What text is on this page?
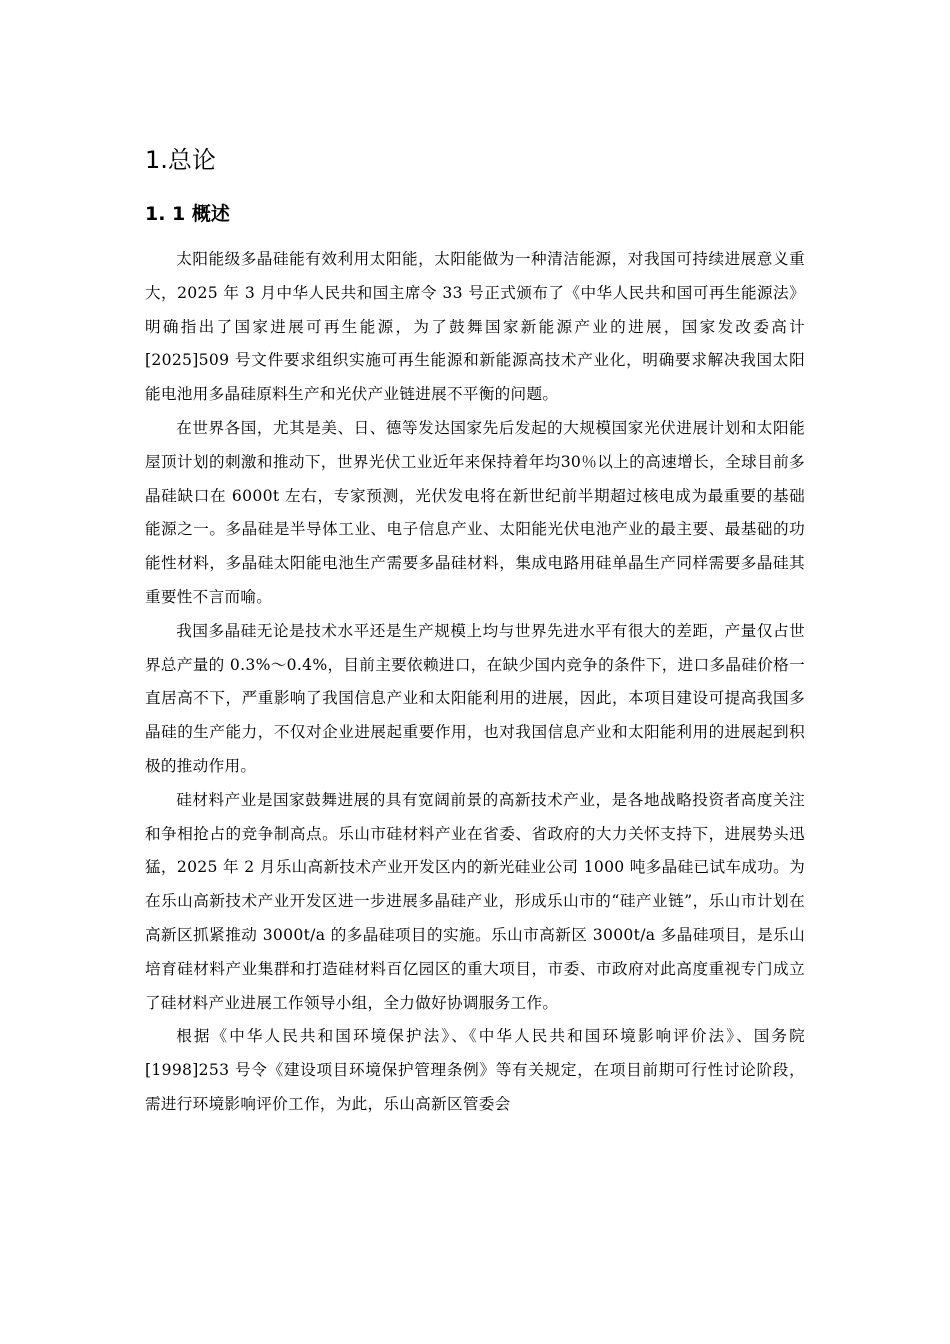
1.总论
1. 1 概述

太阳能级多晶硅能有效利用太阳能，太阳能做为一种清洁能源，对我国可持续进展意义重大，2025 年 3 月中华人民共和国主席令 33 号正式颁布了《中华人民共和国可再生能源法》明确指出了国家进展可再生能源，为了鼓舞国家新能源产业的进展，国家发改委高计[2025]509 号文件要求组织实施可再生能源和新能源高技术产业化，明确要求解决我国太阳能电池用多晶硅原料生产和光伏产业链进展不平衡的问题。

在世界各国，尤其是美、日、德等发达国家先后发起的大规模国家光伏进展计划和太阳能屋顶计划的刺激和推动下，世界光伏工业近年来保持着年均30％以上的高速增长，全球目前多晶硅缺口在 6000t 左右，专家预测，光伏发电将在新世纪前半期超过核电成为最重要的基础能源之一。多晶硅是半导体工业、电子信息产业、太阳能光伏电池产业的最主要、最基础的功能性材料，多晶硅太阳能电池生产需要多晶硅材料，集成电路用硅单晶生产同样需要多晶硅其重要性不言而喻。

我国多晶硅无论是技术水平还是生产规模上均与世界先进水平有很大的差距，产量仅占世界总产量的 0.3%～0.4%，目前主要依赖进口，在缺少国内竞争的条件下，进口多晶硅价格一直居高不下，严重影响了我国信息产业和太阳能利用的进展，因此，本项目建设可提高我国多晶硅的生产能力，不仅对企业进展起重要作用，也对我国信息产业和太阳能利用的进展起到积极的推动作用。

硅材料产业是国家鼓舞进展的具有宽阔前景的高新技术产业，是各地战略投资者高度关注和争相抢占的竞争制高点。乐山市硅材料产业在省委、省政府的大力关怀支持下，进展势头迅猛，2025 年 2 月乐山高新技术产业开发区内的新光硅业公司 1000 吨多晶硅已试车成功。为在乐山高新技术产业开发区进一步进展多晶硅产业，形成乐山市的“硅产业链”，乐山市计划在高新区抓紧推动 3000t/a 的多晶硅项目的实施。乐山市高新区 3000t/a 多晶硅项目，是乐山培育硅材料产业集群和打造硅材料百亿园区的重大项目，市委、市政府对此高度重视专门成立了硅材料产业进展工作领导小组，全力做好协调服务工作。

根据《中华人民共和国环境保护法》、《中华人民共和国环境影响评价法》、国务院[1998]253 号令《建设项目环境保护管理条例》等有关规定，在项目前期可行性讨论阶段，需进行环境影响评价工作，为此，乐山高新区管委会
